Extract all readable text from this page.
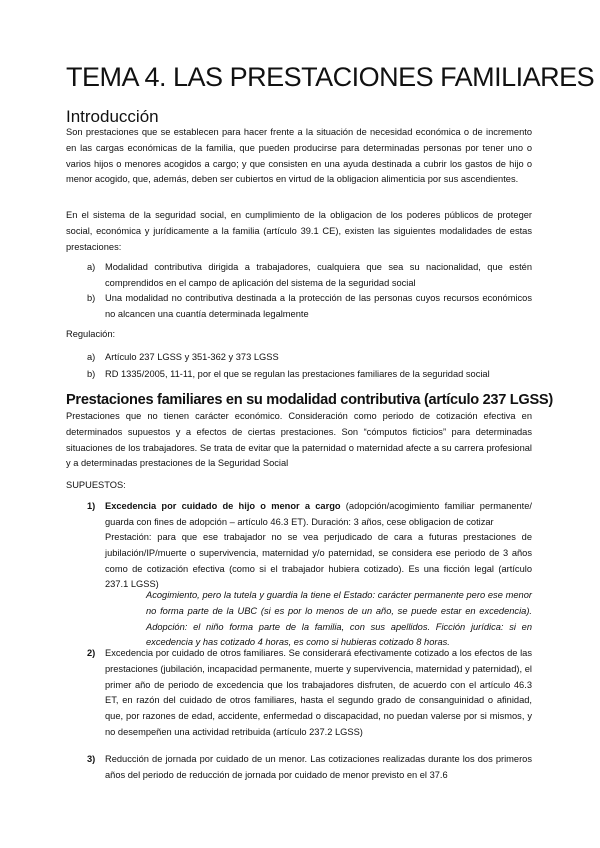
TEMA 4. LAS PRESTACIONES FAMILIARES
Introducción

Son prestaciones que se establecen para hacer frente a la situación de necesidad económica o de incremento en las cargas económicas de la familia, que pueden producirse para determinadas personas por tener uno o varios hijos o menores acogidos a cargo; y que consisten en una ayuda destinada a cubrir los gastos de hijo o menor acogido, que, además, deben ser cubiertos en virtud de la obligacion alimenticia por sus ascendientes.

En el sistema de la seguridad social, en cumplimiento de la obligacion de los poderes públicos de proteger social, económica y jurídicamente a la familia (artículo 39.1 CE), existen las siguientes modalidades de estas prestaciones:

a) Modalidad contributiva dirigida a trabajadores, cualquiera que sea su nacionalidad, que estén comprendidos en el campo de aplicación del sistema de la seguridad social

b) Una modalidad no contributiva destinada a la protección de las personas cuyos recursos económicos no alcancen una cuantía determinada legalmente

Regulación:

a) Artículo 237 LGSS y 351-362 y 373 LGSS

b) RD 1335/2005, 11-11, por el que se regulan las prestaciones familiares de la seguridad social

Prestaciones familiares en su modalidad contributiva (artículo 237 LGSS)

Prestaciones que no tienen carácter económico. Consideración como periodo de cotización efectiva en determinados supuestos y a efectos de ciertas prestaciones. Son “cómputos ficticios” para determinadas situaciones de los trabajadores. Se trata de evitar que la paternidad o maternidad afecte a su carrera profesional y a determinadas prestaciones de la Seguridad Social

SUPUESTOS:

1) Excedencia por cuidado de hijo o menor a cargo (adopción/acogimiento familiar permanente/ guarda con fines de adopción – artículo 46.3 ET). Duración: 3 años, cese obligacion de cotizar

Prestación: para que ese trabajador no se vea perjudicado de cara a futuras prestaciones de jubilación/IP/muerte o supervivencia, maternidad y/o paternidad, se considera ese periodo de 3 años como de cotización efectiva (como si el trabajador hubiera cotizado). Es una ficción legal (artículo 237.1 LGSS)

Acogimiento, pero la tutela y guardia la tiene el Estado: carácter permanente pero ese menor no forma parte de la UBC (si es por lo menos de un año, se puede estar en excedencia). Adopción: el niño forma parte de la familia, con sus apellidos. Ficción jurídica: si en excedencia y has cotizado 4 horas, es como si hubieras cotizado 8 horas.

2) Excedencia por cuidado de otros familiares. Se considerará efectivamente cotizado a los efectos de las prestaciones (jubilación, incapacidad permanente, muerte y supervivencia, maternidad y paternidad), el primer año de periodo de excedencia que los trabajadores disfruten, de acuerdo con el artículo 46.3 ET, en razón del cuidado de otros familiares, hasta el segundo grado de consanguinidad o afinidad, que, por razones de edad, accidente, enfermedad o discapacidad, no puedan valerse por si mismos, y no desempeñen una actividad retribuida (artículo 237.2 LGSS)

3) Reducción de jornada por cuidado de un menor. Las cotizaciones realizadas durante los dos primeros años del periodo de reducción de jornada por cuidado de menor previsto en el 37.6
